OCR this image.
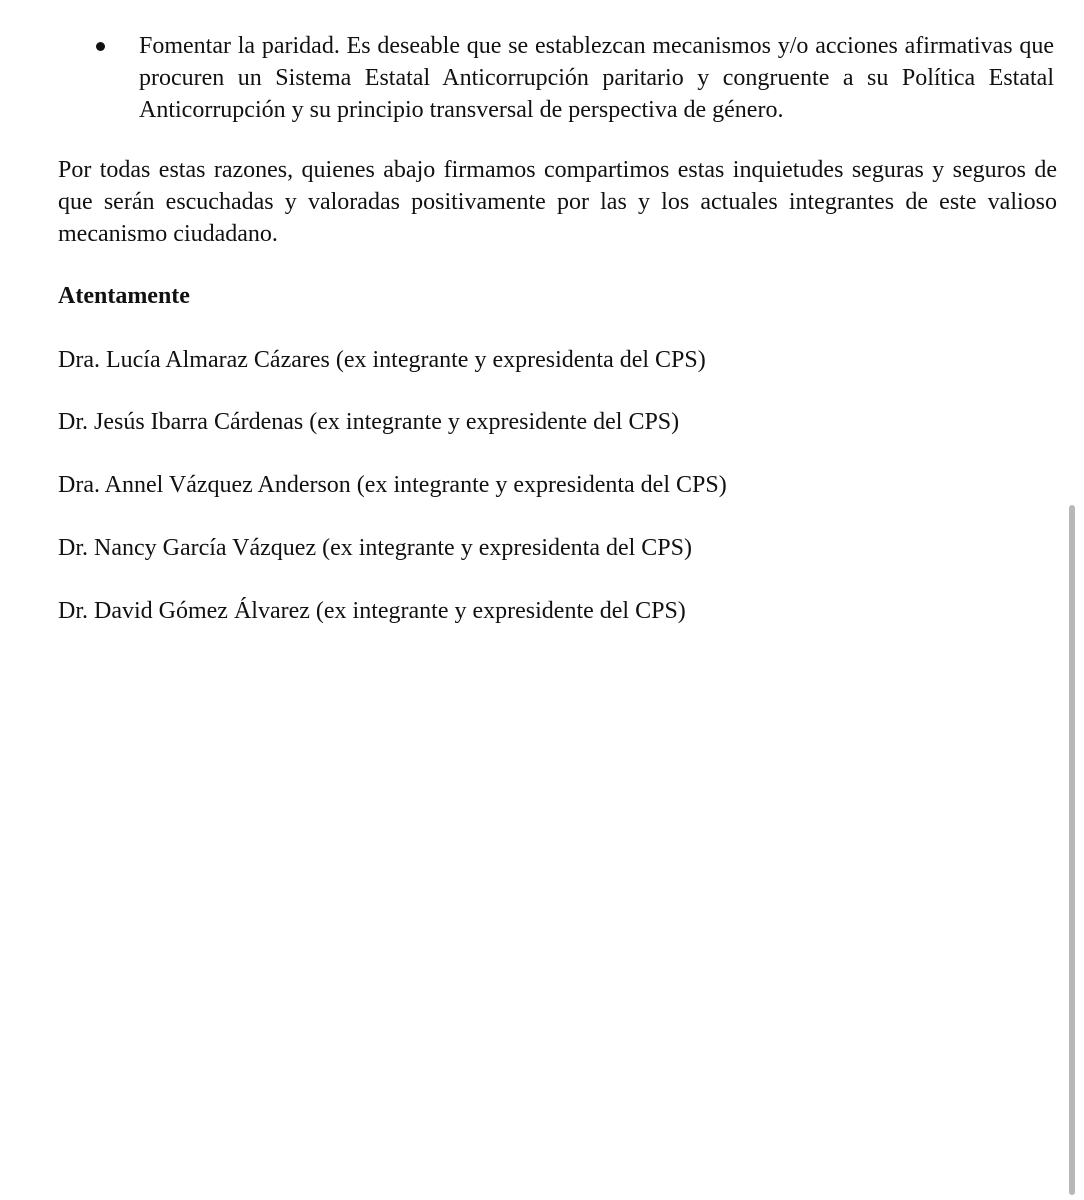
Fomentar la paridad. Es deseable que se establezcan mecanismos y/o acciones afirmativas que procuren un Sistema Estatal Anticorrupción paritario y congruente a su Política Estatal Anticorrupción y su principio transversal de perspectiva de género.
Por todas estas razones, quienes abajo firmamos compartimos estas inquietudes seguras y seguros de que serán escuchadas y valoradas positivamente por las y los actuales integrantes de este valioso mecanismo ciudadano.
Atentamente
Dra. Lucía Almaraz Cázares (ex integrante y expresidenta del CPS)
Dr. Jesús Ibarra Cárdenas (ex integrante y expresidente del CPS)
Dra. Annel Vázquez Anderson (ex integrante y expresidenta del CPS)
Dr. Nancy García Vázquez (ex integrante y expresidenta del CPS)
Dr. David Gómez Álvarez (ex integrante y expresidente del CPS)
